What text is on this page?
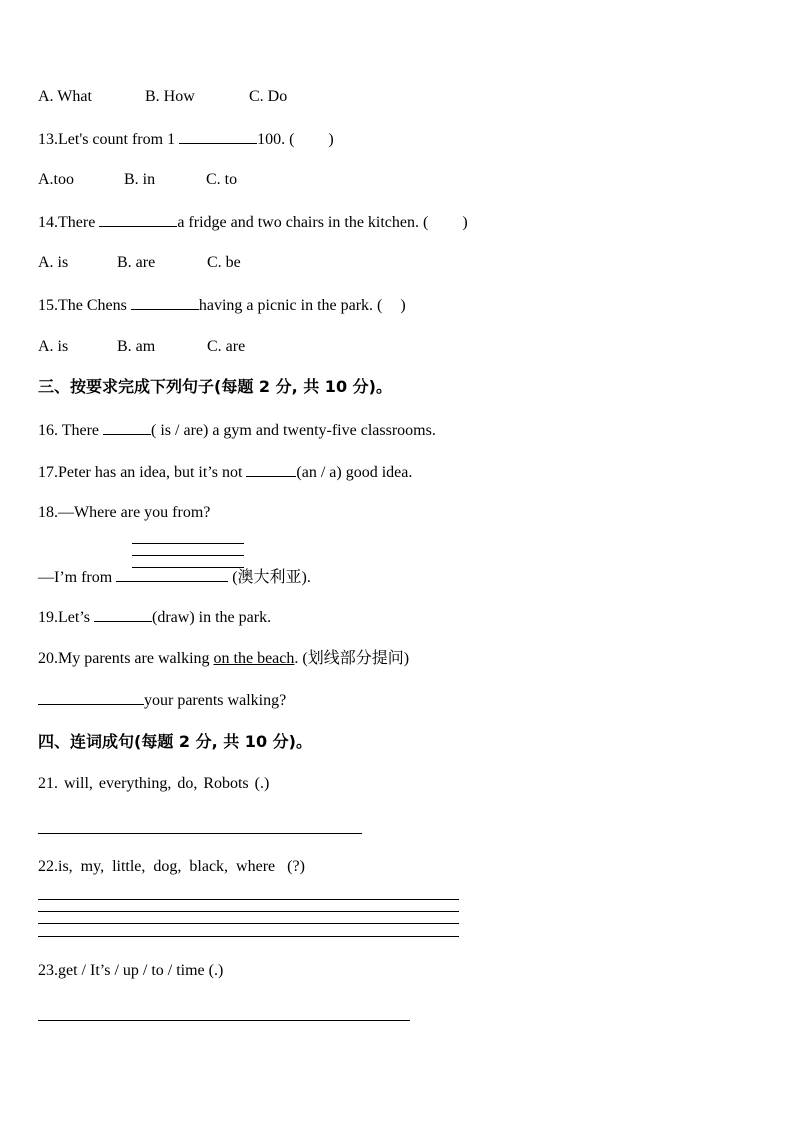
A. What	B. How	C. Do
13.Let's count from 1	100. ( )
A.too	B. in	C. to
14.There	a fridge and two chairs in the kitchen. ( )
A. is	B. are	C. be
15.The Chens	having a picnic in the park. ( )
A. is	B. am	C. are
三、按要求完成下列句子(每题 2 分, 共 10 分)。
16. There	( is / are) a gym and twenty-five classrooms.
17.Peter has an idea, but it’s not	(an / a) good idea.
18.—Where are you from?
—I’m from	(澳大利亚).
19.Let’s	(draw) in the park.
20.My parents are walking on the beach. (划线部分提问)
your parents walking?
四、连词成句(每题 2 分, 共 10 分)。
21. will, everything, do, Robots (.)
22.is,  my,  little,  dog,  black,  where   (?)
23.get / It’s / up / to / time (.)
